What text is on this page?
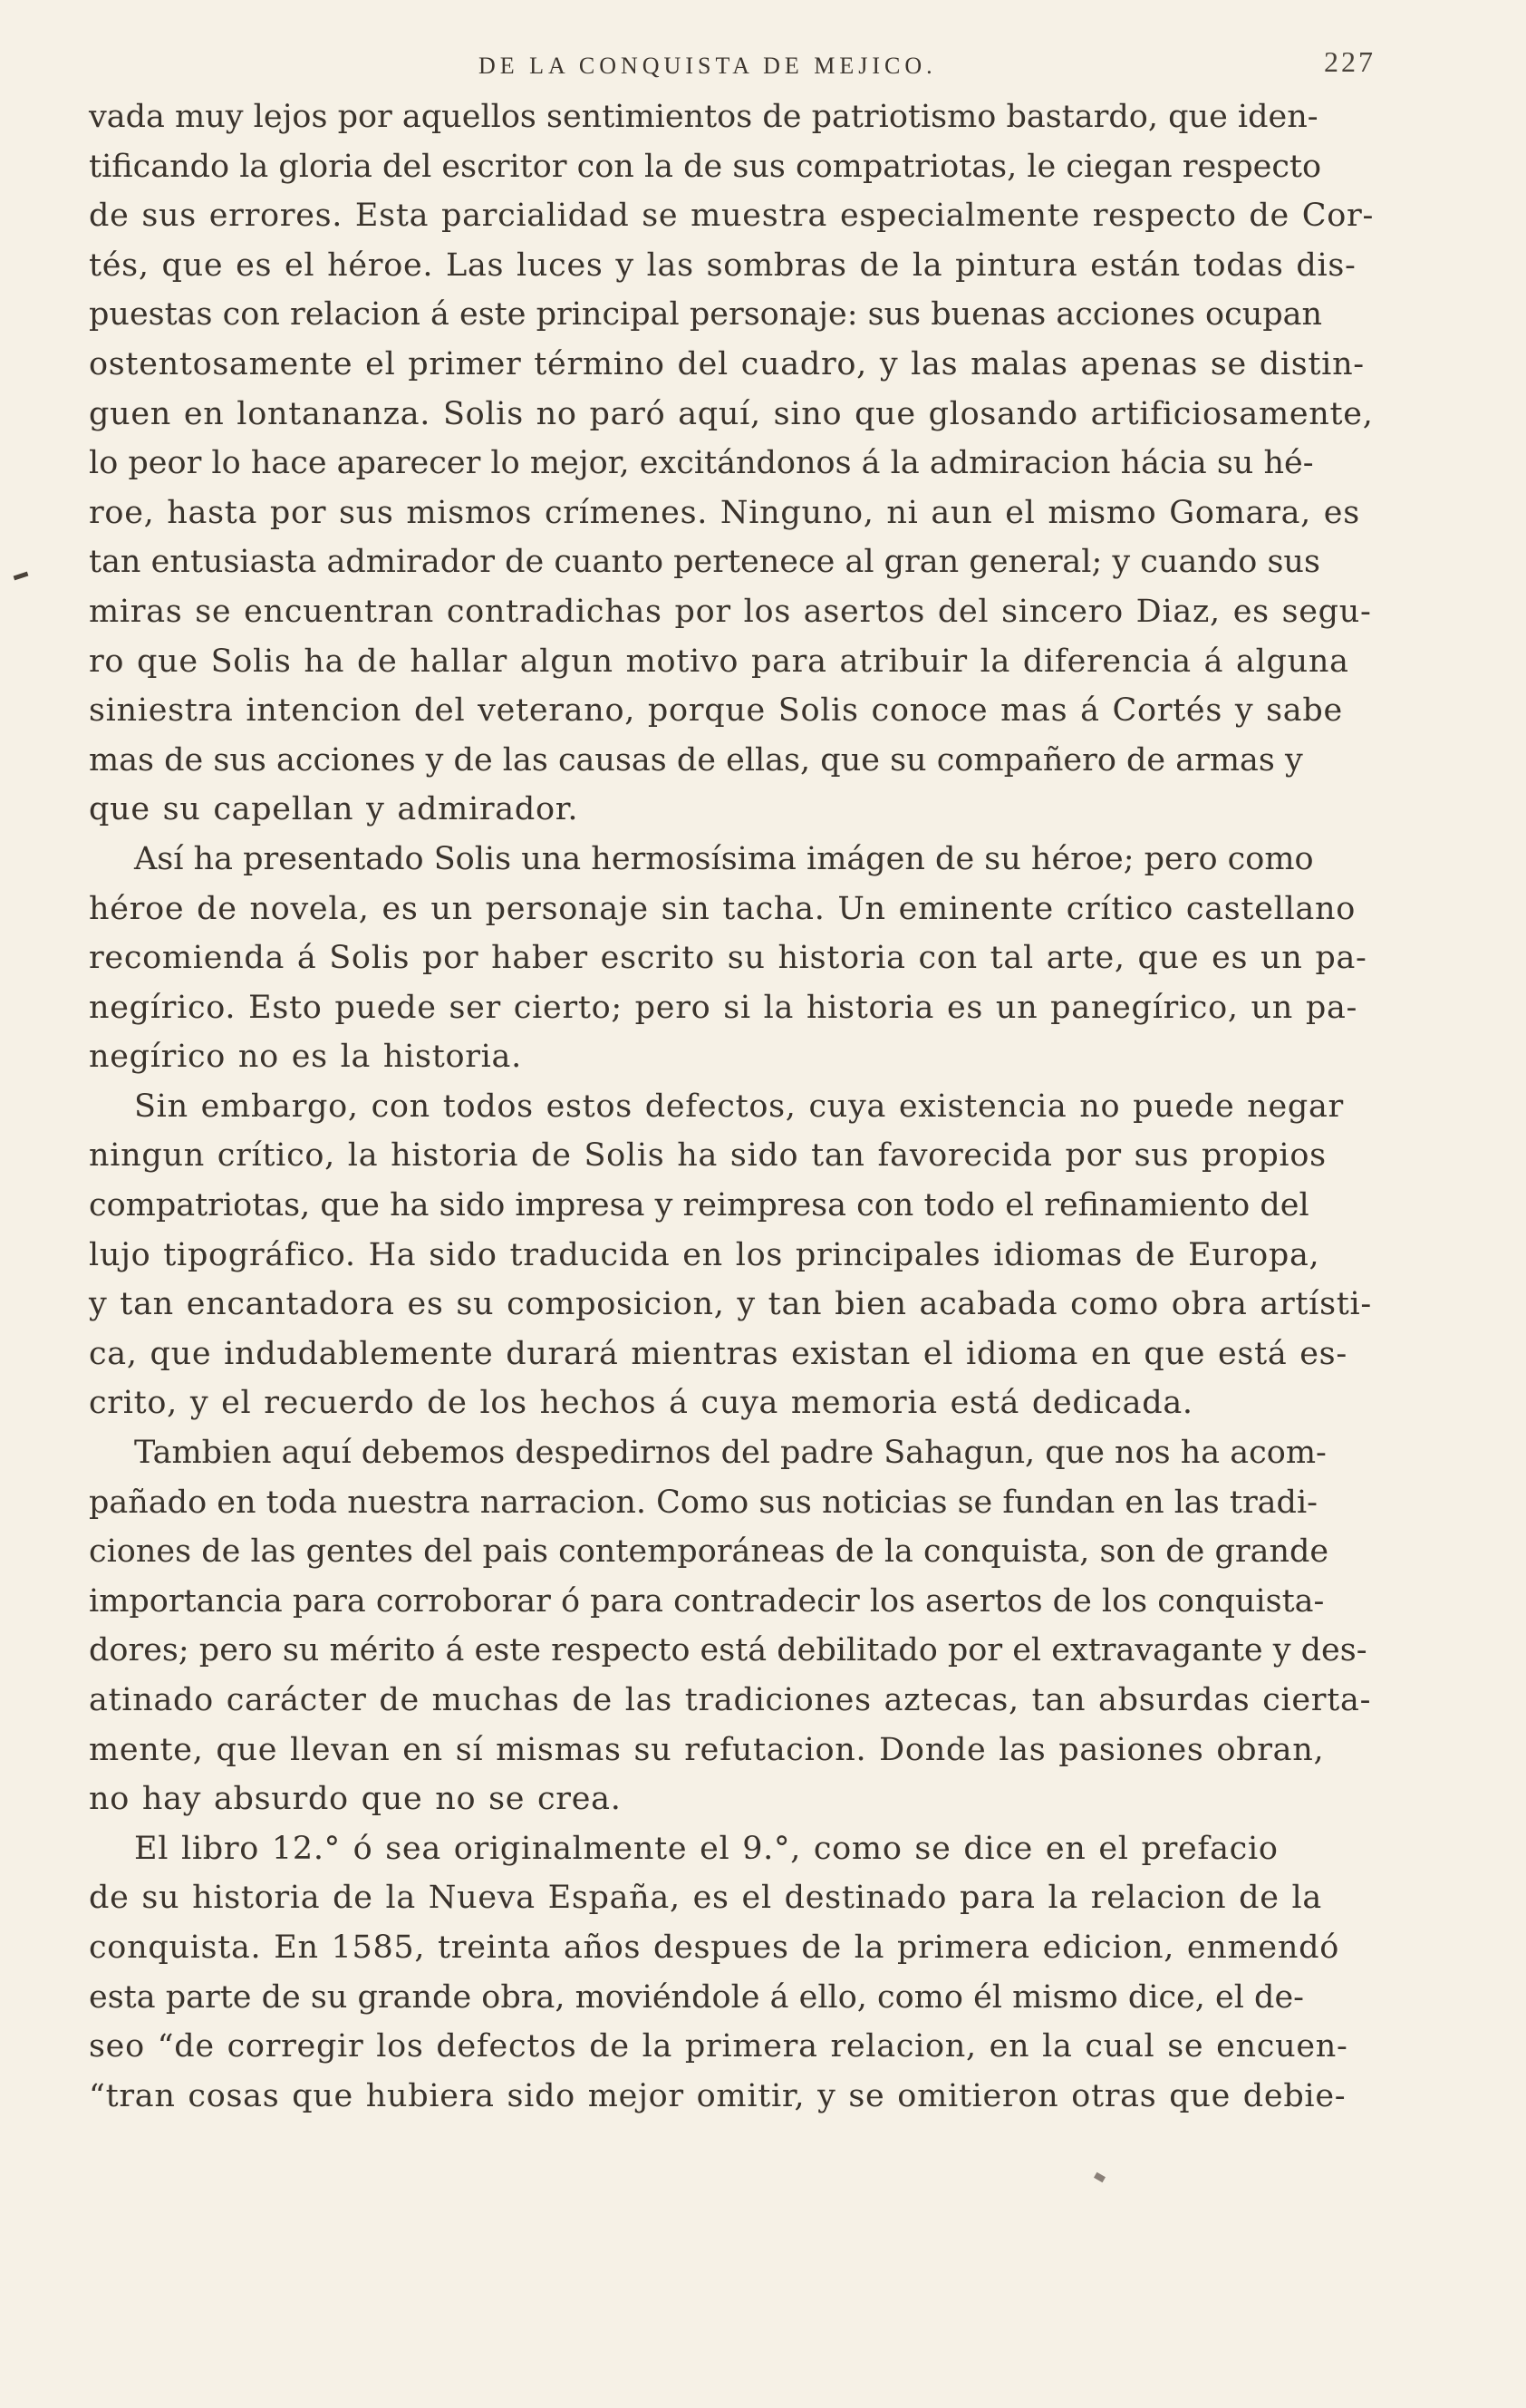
DE LA CONQUISTA DE MEJICO.	227
vada muy lejos por aquellos sentimientos de patriotismo bastardo, que iden-
tificando la gloria del escritor con la de sus compatriotas, le ciegan respecto
de sus errores. Esta parcialidad se muestra especialmente respecto de Cor-
tés, que es el héroe. Las luces y las sombras de la pintura están todas dis-
puestas con relacion á este principal personaje: sus buenas acciones ocupan
ostentosamente el primer término del cuadro, y las malas apenas se distin-
guen en lontananza. Solis no paró aquí, sino que glosando artificiosamente,
lo peor lo hace aparecer lo mejor, excitándonos á la admiracion hácia su hé-
roe, hasta por sus mismos crímenes. Ninguno, ni aun el mismo Gomara, es
tan entusiasta admirador de cuanto pertenece al gran general; y cuando sus
miras se encuentran contradichas por los asertos del sincero Diaz, es segu-
ro que Solis ha de hallar algun motivo para atribuir la diferencia á alguna
siniestra intencion del veterano, porque Solis conoce mas á Cortés y sabe
mas de sus acciones y de las causas de ellas, que su compañero de armas y
que su capellan y admirador.
Así ha presentado Solis una hermosísima imágen de su héroe; pero como
héroe de novela, es un personaje sin tacha. Un eminente crítico castellano
recomienda á Solis por haber escrito su historia con tal arte, que es un pa-
negírico. Esto puede ser cierto; pero si la historia es un panegírico, un pa-
negírico no es la historia.
Sin embargo, con todos estos defectos, cuya existencia no puede negar
ningun crítico, la historia de Solis ha sido tan favorecida por sus propios
compatriotas, que ha sido impresa y reimpresa con todo el refinamiento del
lujo tipográfico. Ha sido traducida en los principales idiomas de Europa,
y tan encantadora es su composicion, y tan bien acabada como obra artísti-
ca, que indudablemente durará mientras existan el idioma en que está es-
crito, y el recuerdo de los hechos á cuya memoria está dedicada.
Tambien aquí debemos despedirnos del padre Sahagun, que nos ha acom-
pañado en toda nuestra narracion. Como sus noticias se fundan en las tradi-
ciones de las gentes del pais contemporáneas de la conquista, son de grande
importancia para corroborar ó para contradecir los asertos de los conquista-
dores; pero su mérito á este respecto está debilitado por el extravagante y des-
atinado carácter de muchas de las tradiciones aztecas, tan absurdas cierta-
mente, que llevan en sí mismas su refutacion. Donde las pasiones obran,
no hay absurdo que no se crea.
El libro 12.° ó sea originalmente el 9.°, como se dice en el prefacio
de su historia de la Nueva España, es el destinado para la relacion de la
conquista. En 1585, treinta años despues de la primera edicion, enmendó
esta parte de su grande obra, moviéndole á ello, como él mismo dice, el de-
seo “de corregir los defectos de la primera relacion, en la cual se encuen-
“tran cosas que hubiera sido mejor omitir, y se omitieron otras que debie-
